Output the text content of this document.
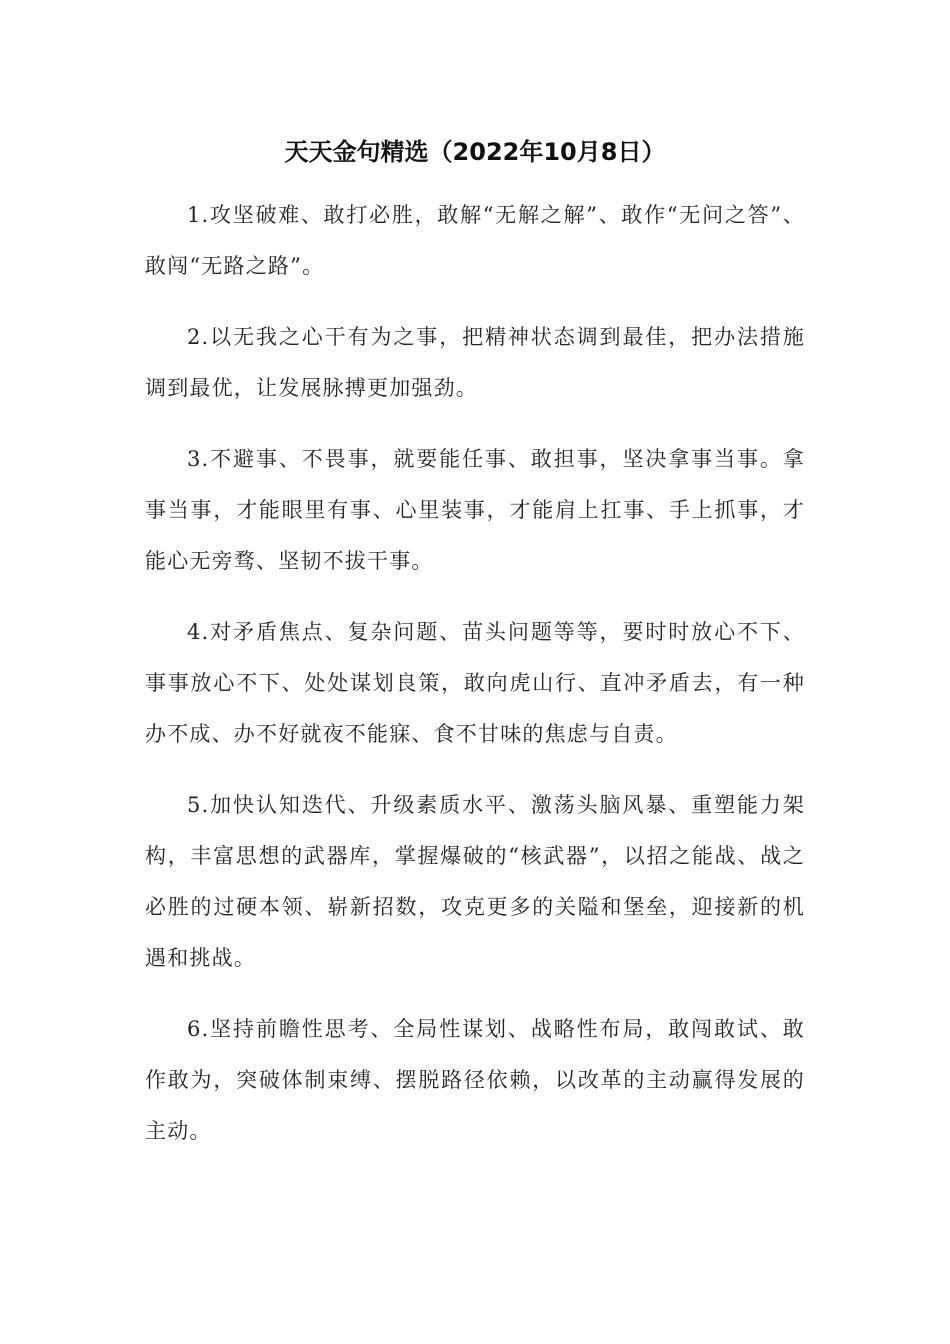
天天金句精选（2022年10月8日）

1.攻坚破难、敢打必胜，敢解“无解之解”、敢作“无问之答”、敢闯“无路之路”。

2.以无我之心干有为之事，把精神状态调到最佳，把办法措施调到最优，让发展脉搏更加强劲。

3.不避事、不畏事，就要能任事、敢担事，坚决拿事当事。拿事当事，才能眼里有事、心里装事，才能肩上扛事、手上抓事，才能心无旁骛、坚韧不拔干事。

4.对矛盾焦点、复杂问题、苗头问题等等，要时时放心不下、事事放心不下、处处谋划良策，敢向虎山行、直冲矛盾去，有一种办不成、办不好就夜不能寐、食不甘味的焦虑与自责。

5.加快认知迭代、升级素质水平、激荡头脑风暴、重塑能力架构，丰富思想的武器库，掌握爆破的“核武器”，以招之能战、战之必胜的过硬本领、崭新招数，攻克更多的关隘和堡垒，迎接新的机遇和挑战。

6.坚持前瞻性思考、全局性谋划、战略性布局，敢闯敢试、敢作敢为，突破体制束缚、摆脱路径依赖，以改革的主动赢得发展的主动。
